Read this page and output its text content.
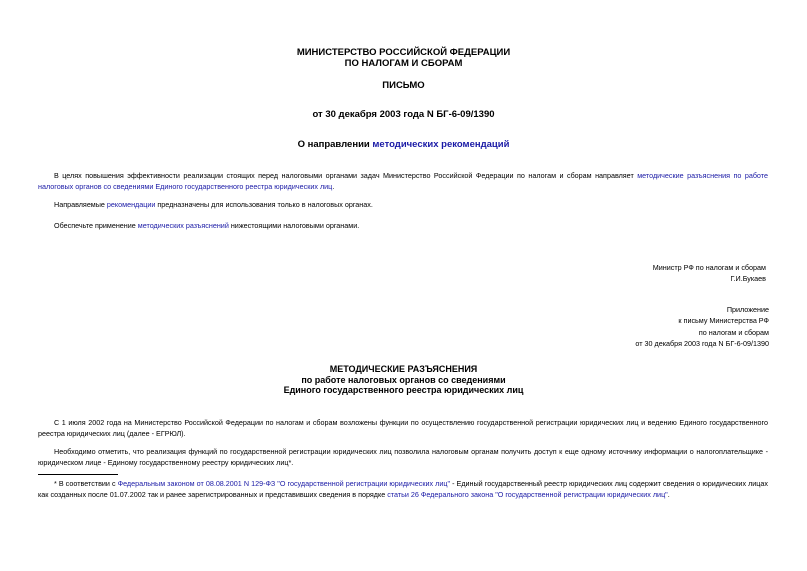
МИНИСТЕРСТВО РОССИЙСКОЙ ФЕДЕРАЦИИ
ПО НАЛОГАМ И СБОРАМ
ПИСЬМО
от 30 декабря 2003 года N БГ-6-09/1390
О направлении методических рекомендаций
В целях повышения эффективности реализации стоящих перед налоговыми органами задач Министерство Российской Федерации по налогам и сборам направляет методические разъяснения по работе налоговых органов со сведениями Единого государственного реестра юридических лиц.
Направляемые рекомендации предназначены для использования только в налоговых органах.
Обеспечьте применение методических разъяснений нижестоящими налоговыми органами.
Министр РФ по налогам и сборам
Г.И.Букаев
Приложение
к письму Министерства РФ
по налогам и сборам
от 30 декабря 2003 года N БГ-6-09/1390
МЕТОДИЧЕСКИЕ РАЗЪЯСНЕНИЯ
по работе налоговых органов со сведениями
Единого государственного реестра юридических лиц
С 1 июля 2002 года на Министерство Российской Федерации по налогам и сборам возложены функции по осуществлению государственной регистрации юридических лиц и ведению Единого государственного реестра юридических лиц (далее - ЕГРЮЛ).
Необходимо отметить, что реализация функций по государственной регистрации юридических лиц позволила налоговым органам получить доступ к еще одному источнику информации о налогоплательщике - юридическом лице - Единому государственному реестру юридических лиц*.
* В соответствии с Федеральным законом от 08.08.2001 N 129-ФЗ "О государственной регистрации юридических лиц" - Единый государственный реестр юридических лиц содержит сведения о юридических лицах как созданных после 01.07.2002 так и ранее зарегистрированных и представивших сведения в порядке статьи 26 Федерального закона "О государственной регистрации юридических лиц".
